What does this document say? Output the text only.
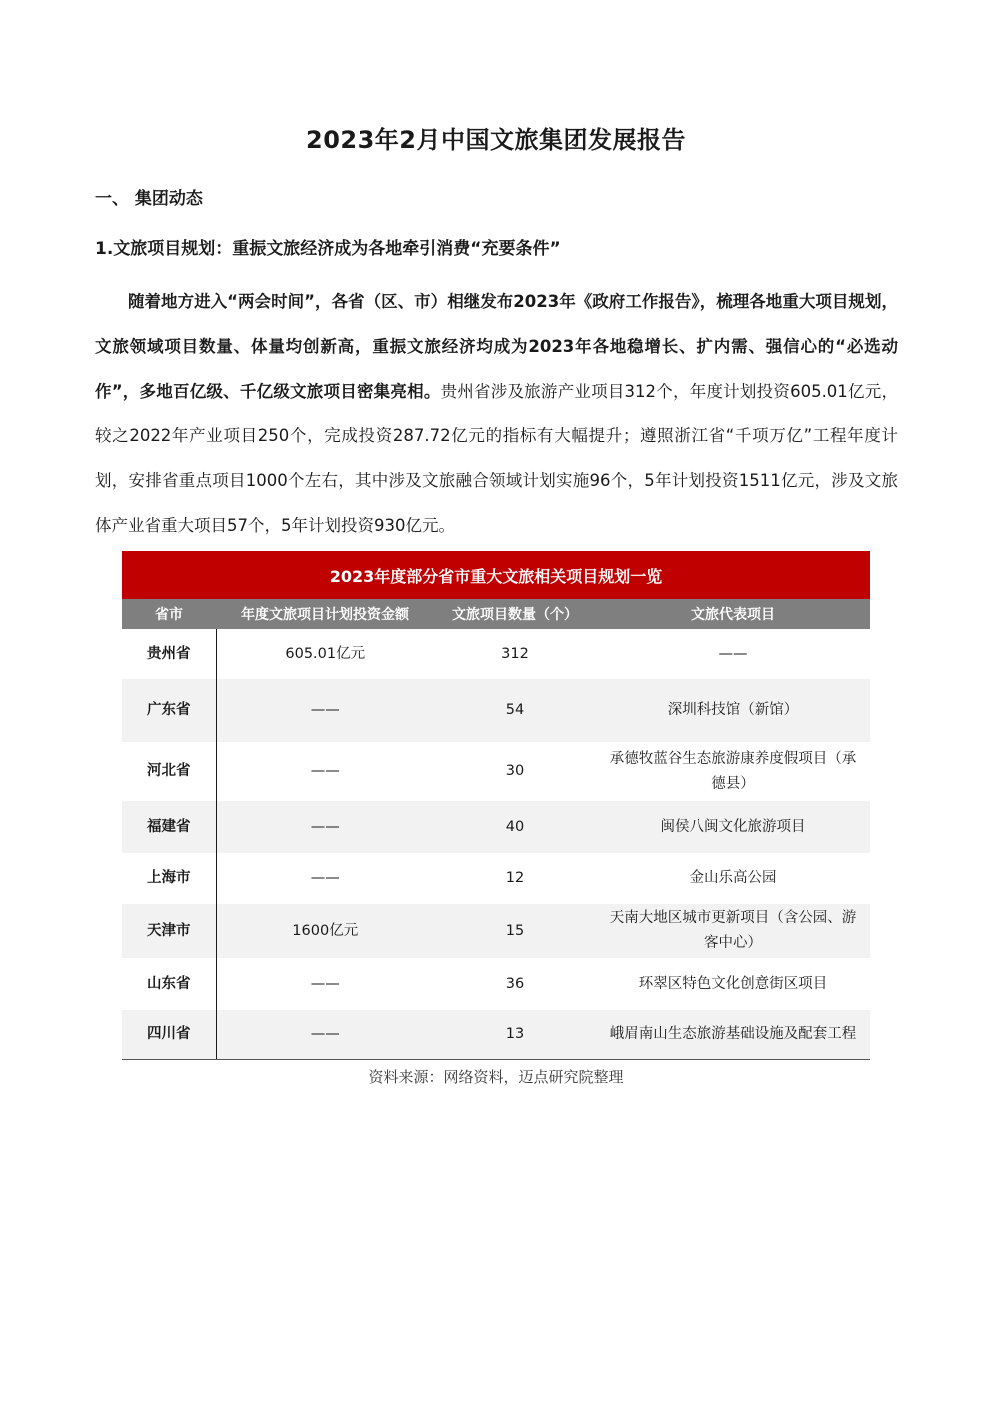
2023年2月中国文旅集团发展报告
一、 集团动态
1.文旅项目规划：重振文旅经济成为各地牵引消费“充要条件”

随着地方进入“两会时间”，各省（区、市）相继发布2023年《政府工作报告》，梳理各地重大项目规划，文旅领域项目数量、体量均创新高，重振文旅经济均成为2023年各地稳增长、扩内需、强信心的“必选动作”，多地百亿级、千亿级文旅项目密集亮相。贵州省涉及旅游产业项目312个，年度计划投资605.01亿元，较之2022年产业项目250个，完成投资287.72亿元的指标有大幅提升；遵照浙江省“千项万亿”工程年度计划，安排省重点项目1000个左右，其中涉及文旅融合领域计划实施96个，5年计划投资1511亿元，涉及文旅体产业省重大项目57个，5年计划投资930亿元。

2023年度部分省市重大文旅相关项目规划一览
省市	年度文旅项目计划投资金额	文旅项目数量（个）	文旅代表项目
贵州省	605.01亿元	312	——
广东省	——	54	深圳科技馆（新馆）
河北省	——	30	承德牧蓝谷生态旅游康养度假项目（承德县）
福建省	——	40	闽侯八闽文化旅游项目
上海市	——	12	金山乐高公园
天津市	1600亿元	15	天南大地区城市更新项目（含公园、游客中心）
山东省	——	36	环翠区特色文化创意街区项目
四川省	——	13	峨眉南山生态旅游基础设施及配套工程
资料来源：网络资料，迈点研究院整理
